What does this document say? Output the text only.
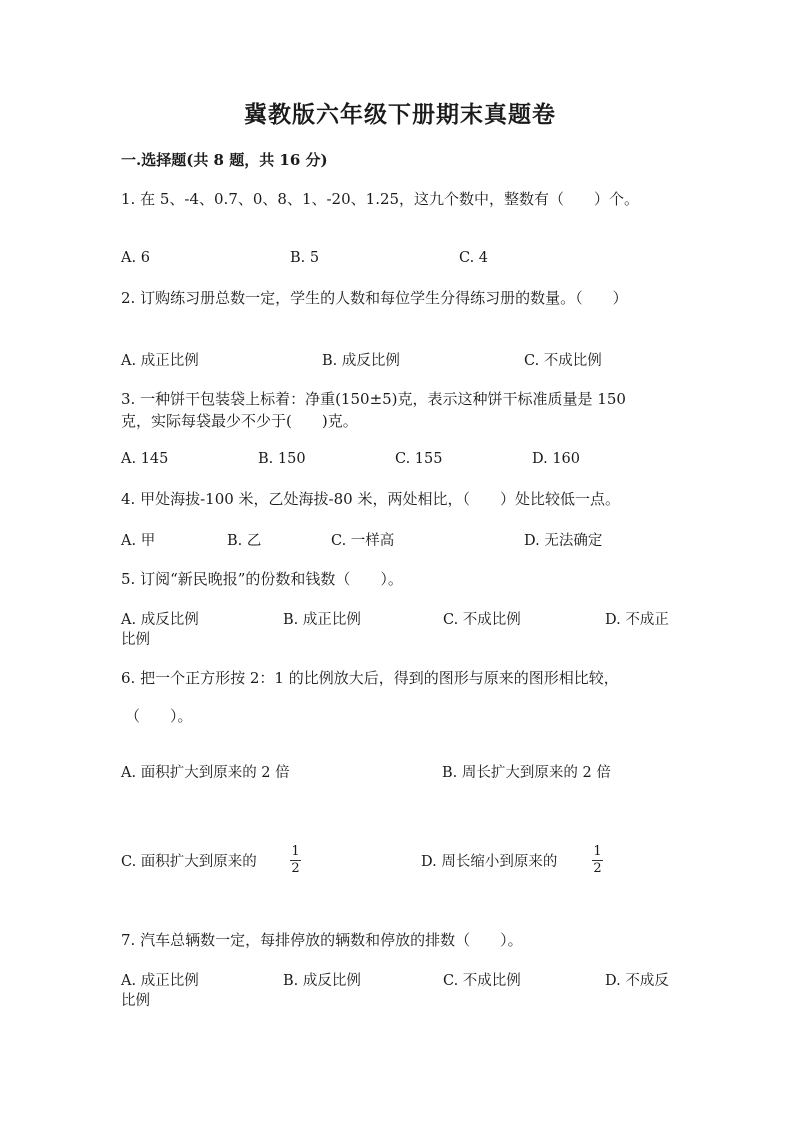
冀教版六年级下册期末真题卷
一.选择题(共 8 题，共 16 分)
1. 在 5、-4、0.7、0、8、1、-20、1.25，这九个数中，整数有（　　）个。
A. 6	B. 5	C. 4
2. 订购练习册总数一定，学生的人数和每位学生分得练习册的数量。（　　）
A. 成正比例	B. 成反比例	C. 不成比例
3. 一种饼干包装袋上标着：净重(150±5)克，表示这种饼干标准质量是 150
克，实际每袋最少不少于(　　)克。
A. 145	B. 150	C. 155	D. 160
4. 甲处海拔-100 米，乙处海拔-80 米，两处相比，（　　）处比较低一点。
A. 甲	B. 乙	C. 一样高	D. 无法确定
5. 订阅“新民晚报”的份数和钱数（　　）。
A. 成反比例	B. 成正比例	C. 不成比例	D. 不成正
比例
6. 把一个正方形按 2：1 的比例放大后，得到的图形与原来的图形相比较，
（　　）。
A. 面积扩大到原来的 2 倍	B. 周长扩大到原来的 2 倍
C. 面积扩大到原来的
1
2	D. 周长缩小到原来的
1
2
7. 汽车总辆数一定，每排停放的辆数和停放的排数（　　）。
A. 成正比例	B. 成反比例	C. 不成比例	D. 不成反
比例
